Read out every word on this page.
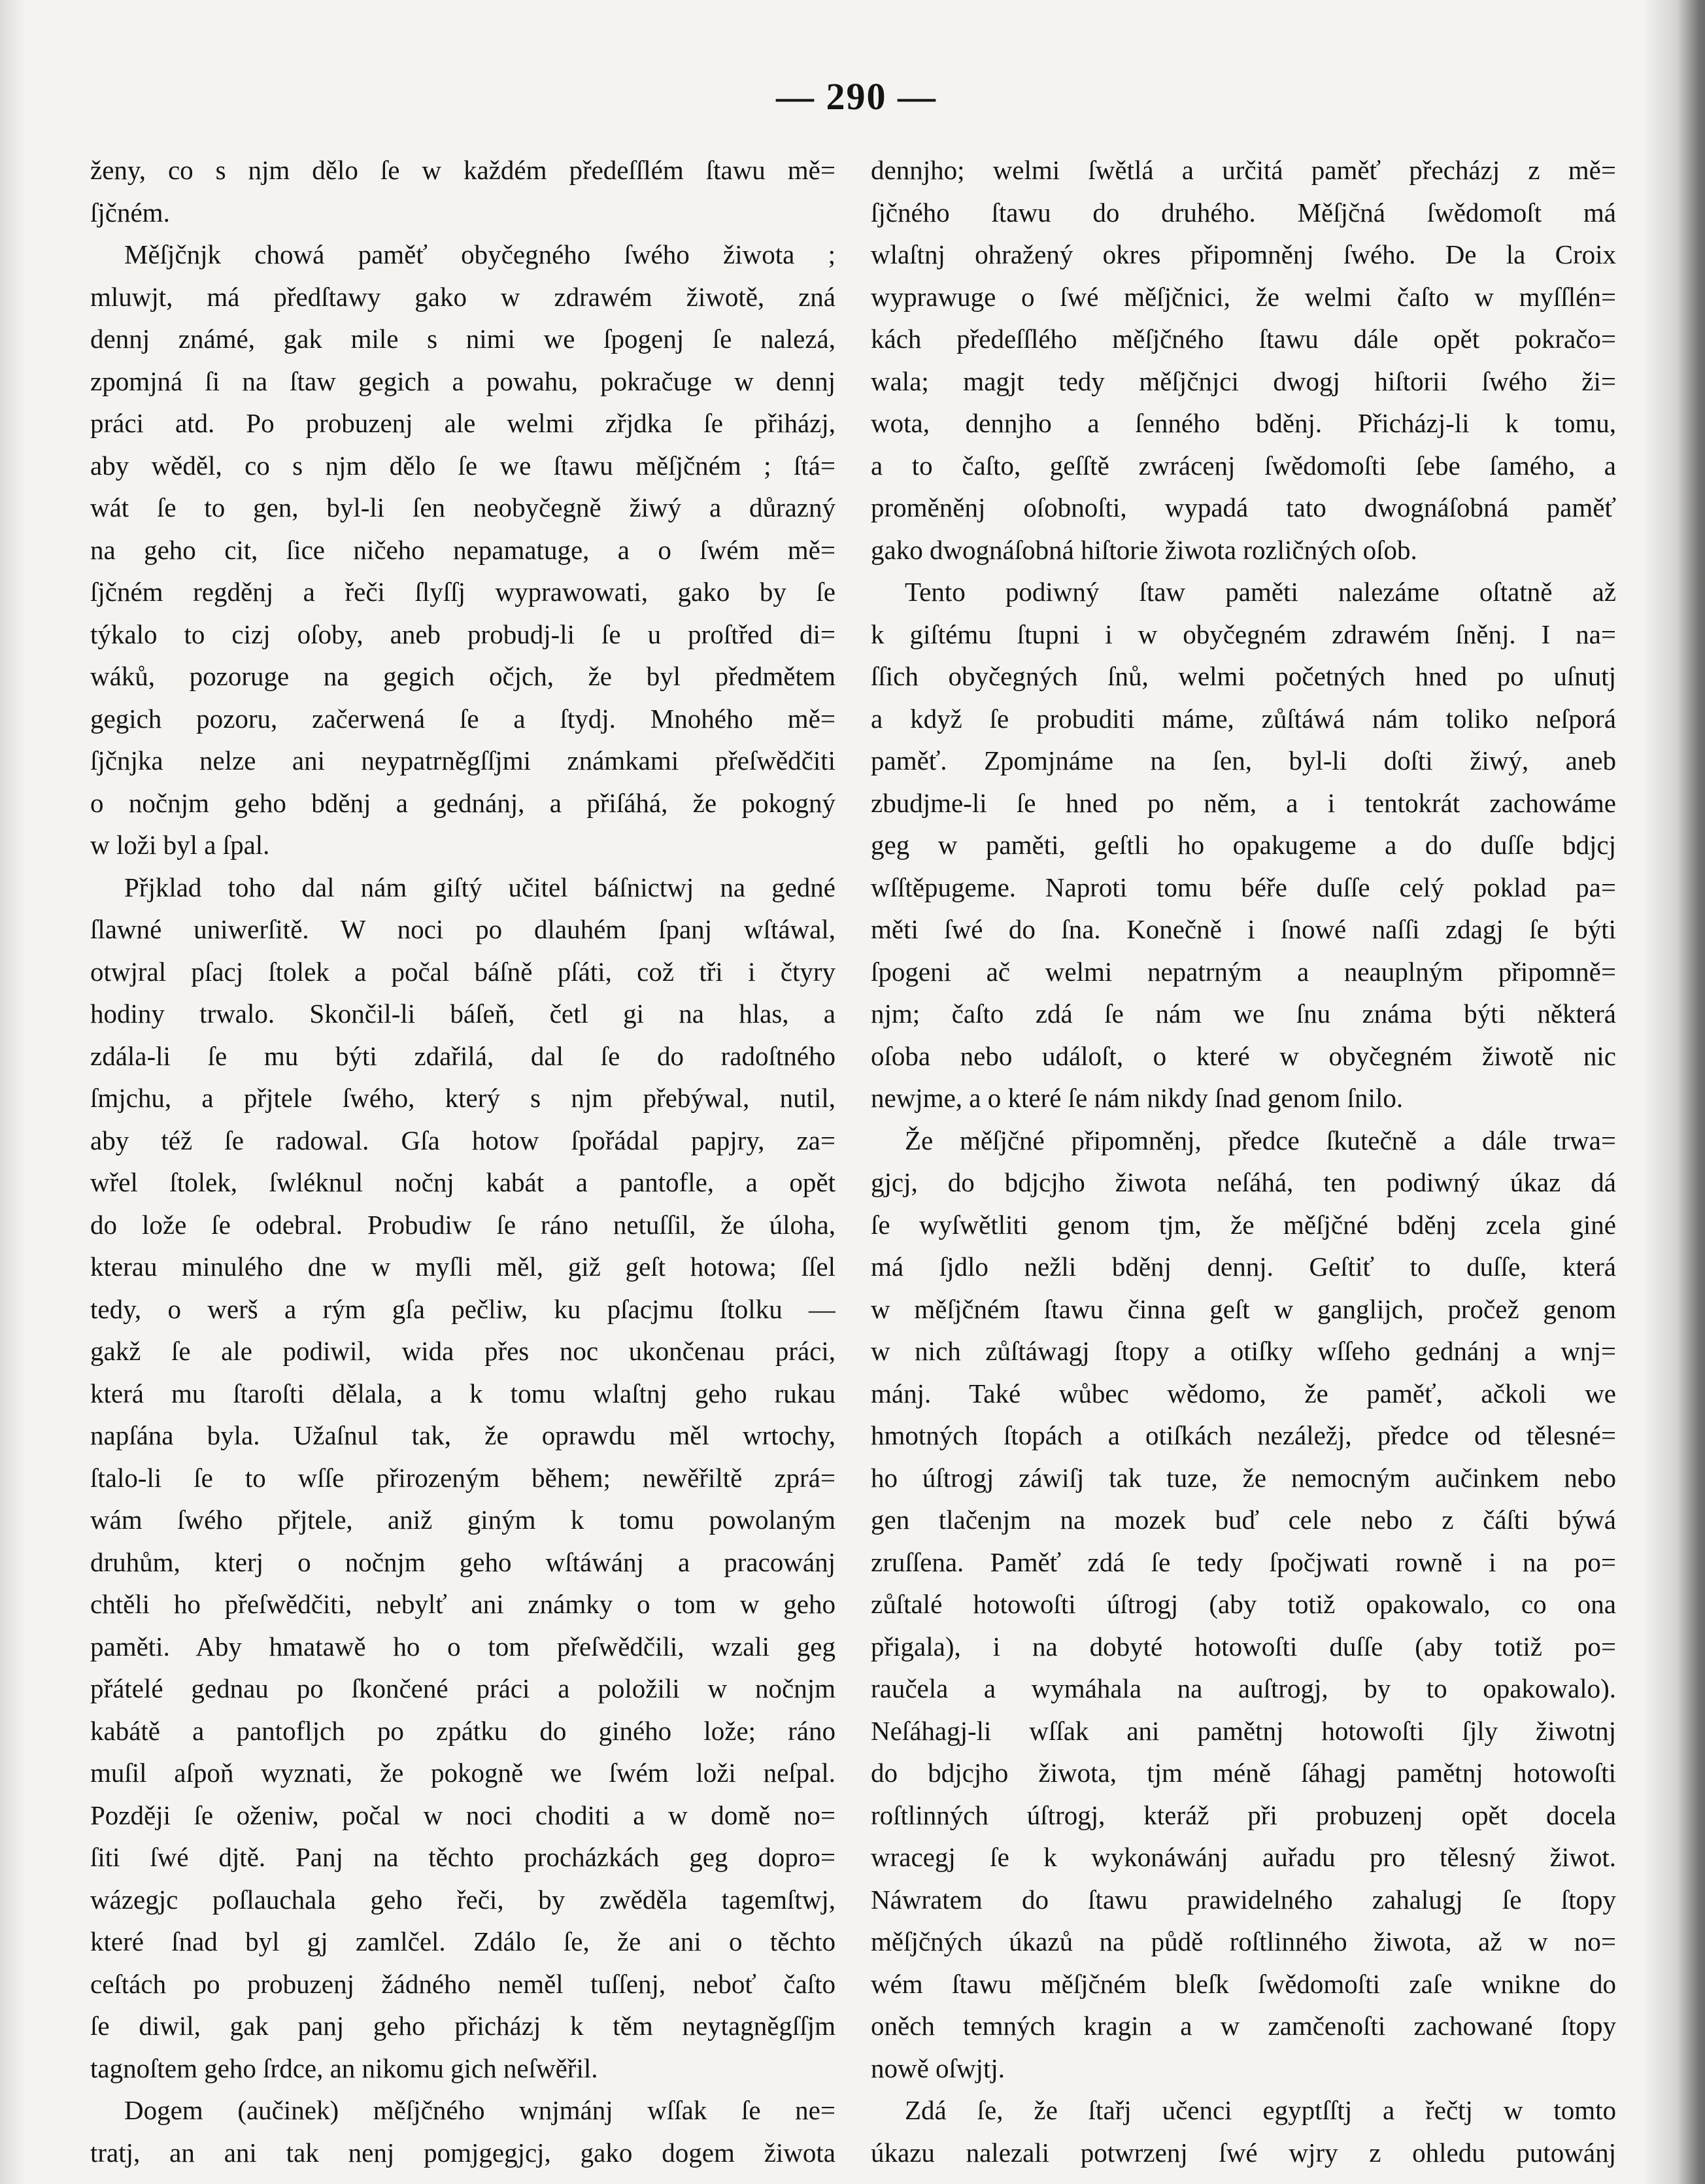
— 290 —
ženy, co s njm dělo ſe w každém předeſſlém ſtawu mě=
ſjčném.
Měſjčnjk chowá paměť obyčegného ſwého žiwota ;
mluwjt, má předſtawy gako w zdrawém žiwotě, zná
dennj známé, gak mile s nimi we ſpogenj ſe nalezá,
zpomjná ſi na ſtaw gegich a powahu, pokračuge w dennj
práci atd. Po probuzenj ale welmi zřjdka ſe přiházj,
aby wěděl, co s njm dělo ſe we ſtawu měſjčném ; ſtá=
wát ſe to gen, byl-li ſen neobyčegně žiwý a důrazný
na geho cit, ſice ničeho nepamatuge, a o ſwém mě=
ſjčném regděnj a řeči ſlyſſj wyprawowati, gako by ſe
týkalo to cizj oſoby, aneb probudj-li ſe u proſtřed di=
wáků, pozoruge na gegich očjch, že byl předmětem
gegich pozoru, začerwená ſe a ſtydj. Mnohého mě=
ſjčnjka nelze ani neypatrněgſſjmi známkami přeſwědčiti
o nočnjm geho bděnj a gednánj, a přiſáhá, že pokogný
w loži byl a ſpal.
Přjklad toho dal nám giſtý učitel báſnictwj na gedné
ſlawné uniwerſitě. W noci po dlauhém ſpanj wſtáwal,
otwjral pſacj ſtolek a počal báſně pſáti, což tři i čtyry
hodiny trwalo. Skončil-li báſeň, četl gi na hlas, a
zdála-li ſe mu býti zdařilá, dal ſe do radoſtného
ſmjchu, a přjtele ſwého, který s njm přebýwal, nutil,
aby též ſe radowal. Gſa hotow ſpořádal papjry, za=
wřel ſtolek, ſwléknul nočnj kabát a pantofle, a opět
do lože ſe odebral. Probudiw ſe ráno netuſſil, že úloha,
kterau minulého dne w myſli měl, giž geſt hotowa; ſſel
tedy, o werš a rým gſa pečliw, ku pſacjmu ſtolku —
gakž ſe ale podiwil, wida přes noc ukončenau práci,
která mu ſtaroſti dělala, a k tomu wlaſtnj geho rukau
napſána byla. Užaſnul tak, že oprawdu měl wrtochy,
ſtalo-li ſe to wſſe přirozeným během; newěřiltě zprá=
wám ſwého přjtele, aniž giným k tomu powolaným
druhům, kterj o nočnjm geho wſtáwánj a pracowánj
chtěli ho přeſwědčiti, nebylť ani známky o tom w geho
paměti. Aby hmatawě ho o tom přeſwědčili, wzali geg
přátelé gednau po ſkončené práci a položili w nočnjm
kabátě a pantofljch po zpátku do giného lože; ráno
muſil aſpoň wyznati, že pokogně we ſwém loži neſpal.
Později ſe oženiw, počal w noci choditi a w domě no=
ſiti ſwé djtě. Panj na těchto procházkách geg dopro=
wázegjc poſlauchala geho řeči, by zwěděla tagemſtwj,
které ſnad byl gj zamlčel. Zdálo ſe, že ani o těchto
ceſtách po probuzenj žádného neměl tuſſenj, neboť čaſto
ſe diwil, gak panj geho přicházj k těm neytagněgſſjm
tagnoſtem geho ſrdce, an nikomu gich neſwěřil.
Dogem (aučinek) měſjčného wnjmánj wſſak ſe ne=
tratj, an ani tak nenj pomjgegjcj, gako dogem žiwota
dennjho; welmi ſwětlá a určitá paměť přecházj z mě=
ſjčného ſtawu do druhého. Měſjčná ſwědomoſt má
wlaſtnj ohražený okres připomněnj ſwého. De la Croix
wyprawuge o ſwé měſjčnici, že welmi čaſto w myſſlén=
kách předeſſlého měſjčného ſtawu dále opět pokračo=
wala; magjt tedy měſjčnjci dwogj hiſtorii ſwého ži=
wota, dennjho a ſenného bděnj. Přicházj-li k tomu,
a to čaſto, geſſtě zwrácenj ſwědomoſti ſebe ſamého, a
proměněnj oſobnoſti, wypadá tato dwognáſobná paměť
gako dwognáſobná hiſtorie žiwota rozličných oſob.
Tento podiwný ſtaw paměti nalezáme oſtatně až
k giſtému ſtupni i w obyčegném zdrawém ſněnj. I na=
ſſich obyčegných ſnů, welmi početných hned po uſnutj
a když ſe probuditi máme, zůſtáwá nám toliko neſporá
paměť. Zpomjnáme na ſen, byl-li doſti žiwý, aneb
zbudjme-li ſe hned po něm, a i tentokrát zachowáme
geg w paměti, geſtli ho opakugeme a do duſſe bdjcj
wſſtěpugeme. Naproti tomu béře duſſe celý poklad pa=
měti ſwé do ſna. Konečně i ſnowé naſſi zdagj ſe býti
ſpogeni ač welmi nepatrným a neauplným připomně=
njm; čaſto zdá ſe nám we ſnu známa býti některá
oſoba nebo událoſt, o které w obyčegném žiwotě nic
newjme, a o které ſe nám nikdy ſnad genom ſnilo.
Že měſjčné připomněnj, předce ſkutečně a dále trwa=
gjcj, do bdjcjho žiwota neſáhá, ten podiwný úkaz dá
ſe wyſwětliti genom tjm, že měſjčné bděnj zcela giné
má ſjdlo nežli bděnj dennj. Geſtiť to duſſe, která
w měſjčném ſtawu činna geſt w ganglijch, pročež genom
w nich zůſtáwagj ſtopy a otiſky wſſeho gednánj a wnj=
mánj. Také wůbec wědomo, že paměť, ačkoli we
hmotných ſtopách a otiſkách nezáležj, předce od tělesné=
ho úſtrogj záwiſj tak tuze, že nemocným aučinkem nebo
gen tlačenjm na mozek buď cele nebo z čáſti býwá
zruſſena. Paměť zdá ſe tedy ſpočjwati rowně i na po=
zůſtalé hotowoſti úſtrogj (aby totiž opakowalo, co ona
přigala), i na dobyté hotowoſti duſſe (aby totiž po=
raučela a wymáhala na auſtrogj, by to opakowalo).
Neſáhagj-li wſſak ani pamětnj hotowoſti ſjly žiwotnj
do bdjcjho žiwota, tjm méně ſáhagj pamětnj hotowoſti
roſtlinných úſtrogj, kteráž při probuzenj opět docela
wracegj ſe k wykonáwánj auřadu pro tělesný žiwot.
Náwratem do ſtawu prawidelného zahalugj ſe ſtopy
měſjčných úkazů na půdě roſtlinného žiwota, až w no=
wém ſtawu měſjčném bleſk ſwědomoſti zaſe wnikne do
oněch temných kragin a w zamčenoſti zachowané ſtopy
nowě oſwjtj.
Zdá ſe, že ſtařj učenci egyptſſtj a řečtj w tomto
úkazu nalezali potwrzenj ſwé wjry z ohledu putowánj
